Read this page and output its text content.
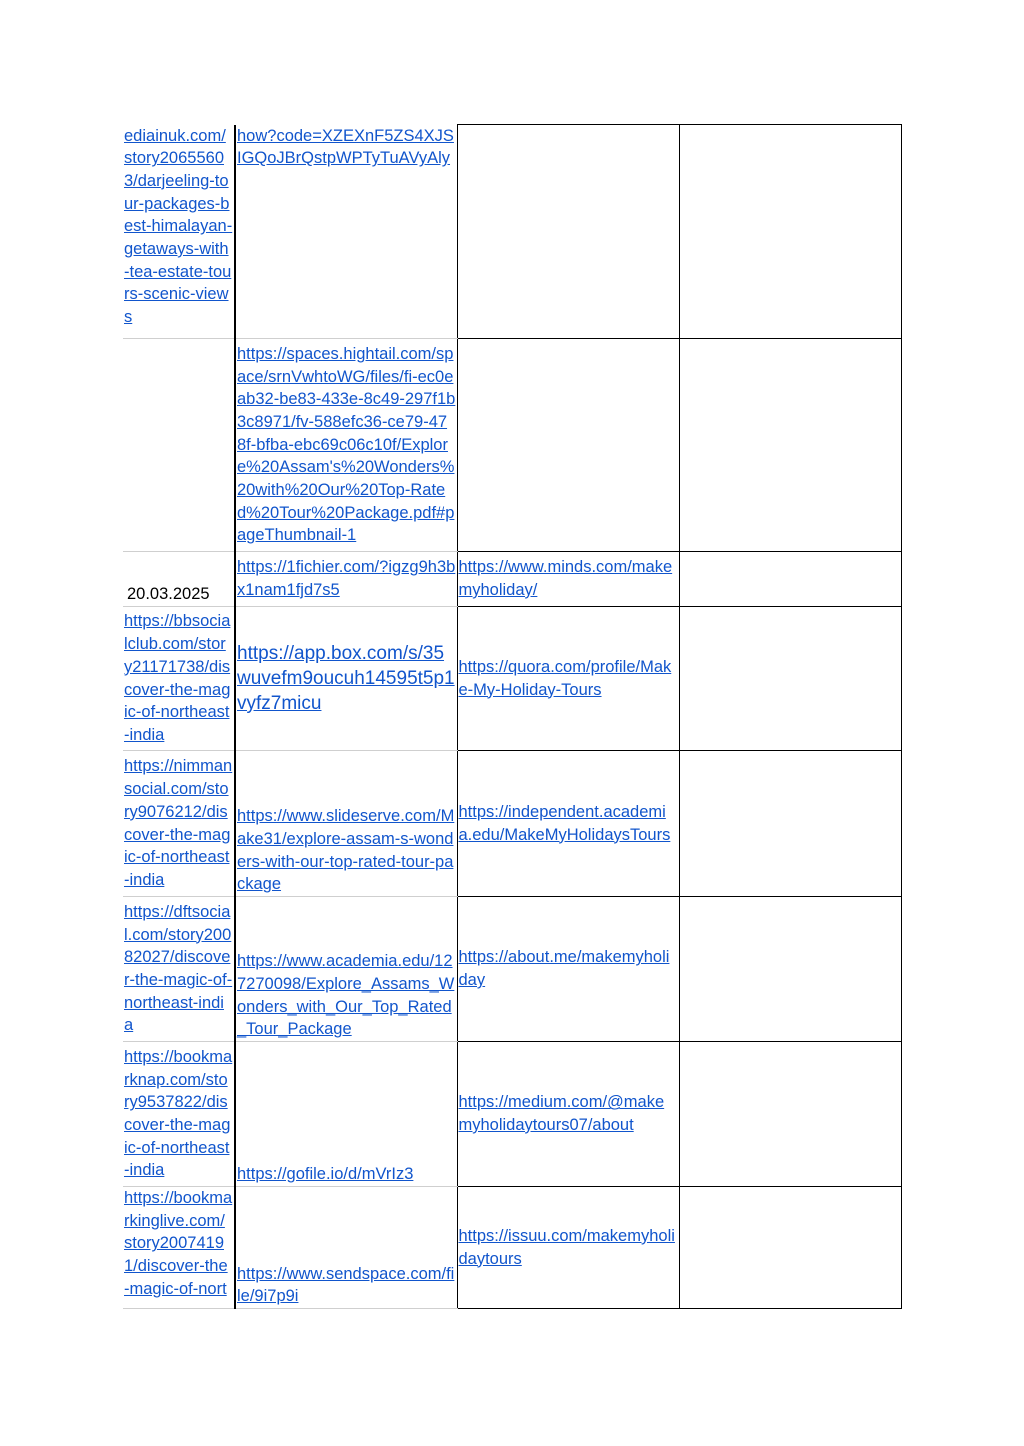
ediainuk.com/story20655603/darjeeling-tour-packages-best-himalayan-getaways-with-tea-estate-tours-scenic-views	how?code=XZEXnF5ZS4XJSIGQoJBrQstpWPTyTuAVyAly		
	https://spaces.hightail.com/space/srnVwhtoWG/files/fi-ec0eab32-be83-433e-8c49-297f1b3c8971/fv-588efc36-ce79-478f-bfba-ebc69c06c10f/Explore%20Assam's%20Wonders%20with%20Our%20Top-Rated%20Tour%20Package.pdf#pageThumbnail-1		
20.03.2025	https://1fichier.com/?igzg9h3bx1nam1fjd7s5	https://www.minds.com/makemyholiday/	
https://bbsocialclub.com/story21171738/discover-the-magic-of-northeast-india	https://app.box.com/s/35wuvefm9oucuh14595t5p1vyfz7micu	https://quora.com/profile/Make-My-Holiday-Tours	
https://nimmansocial.com/story9076212/discover-the-magic-of-northeast-india	https://www.slideserve.com/Make31/explore-assam-s-wonders-with-our-top-rated-tour-package	https://independent.academia.edu/MakeMyHolidaysTours	
https://dftsocial.com/story20082027/discover-the-magic-of-northeast-india	https://www.academia.edu/127270098/Explore_Assams_Wonders_with_Our_Top_Rated_Tour_Package	https://about.me/makemyholiday	
https://bookmarknap.com/story9537822/discover-the-magic-of-northeast-india	https://gofile.io/d/mVrIz3	https://medium.com/@makemyholidaytours07/about	
https://bookmarkinglive.com/story20074191/discover-the-magic-of-nort	https://www.sendspace.com/file/9i7p9i	https://issuu.com/makemyholidaytours	
